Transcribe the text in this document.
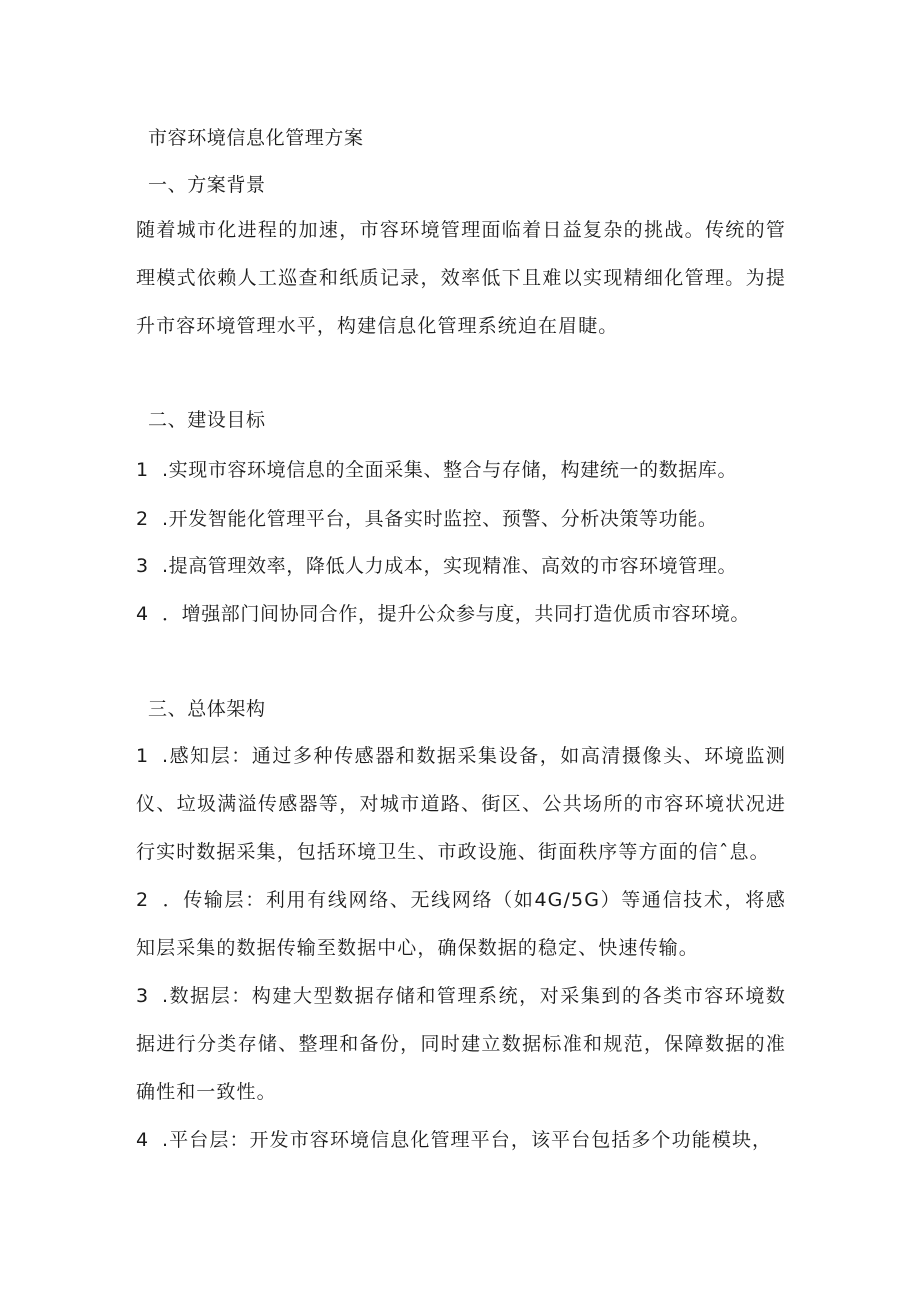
市容环境信息化管理方案
一、方案背景
随着城市化进程的加速，市容环境管理面临着日益复杂的挑战。传统的管理模式依赖人工巡查和纸质记录，效率低下且难以实现精细化管理。为提升市容环境管理水平，构建信息化管理系统迫在眉睫。
二、建设目标
1 .实现市容环境信息的全面采集、整合与存储，构建统一的数据库。
2 .开发智能化管理平台，具备实时监控、预警、分析决策等功能。
3 .提高管理效率，降低人力成本，实现精准、高效的市容环境管理。
4 ．增强部门间协同合作，提升公众参与度，共同打造优质市容环境。
三、总体架构
1 .感知层：通过多种传感器和数据采集设备，如高清摄像头、环境监测仪、垃圾满溢传感器等，对城市道路、街区、公共场所的市容环境状况进行实时数据采集，包括环境卫生、市政设施、街面秩序等方面的信ˆ息。
2 ．传输层：利用有线网络、无线网络（如4G/5G）等通信技术，将感知层采集的数据传输至数据中心，确保数据的稳定、快速传输。
3 .数据层：构建大型数据存储和管理系统，对采集到的各类市容环境数据进行分类存储、整理和备份，同时建立数据标准和规范，保障数据的准确性和一致性。
4 .平台层：开发市容环境信息化管理平台，该平台包括多个功能模块，
